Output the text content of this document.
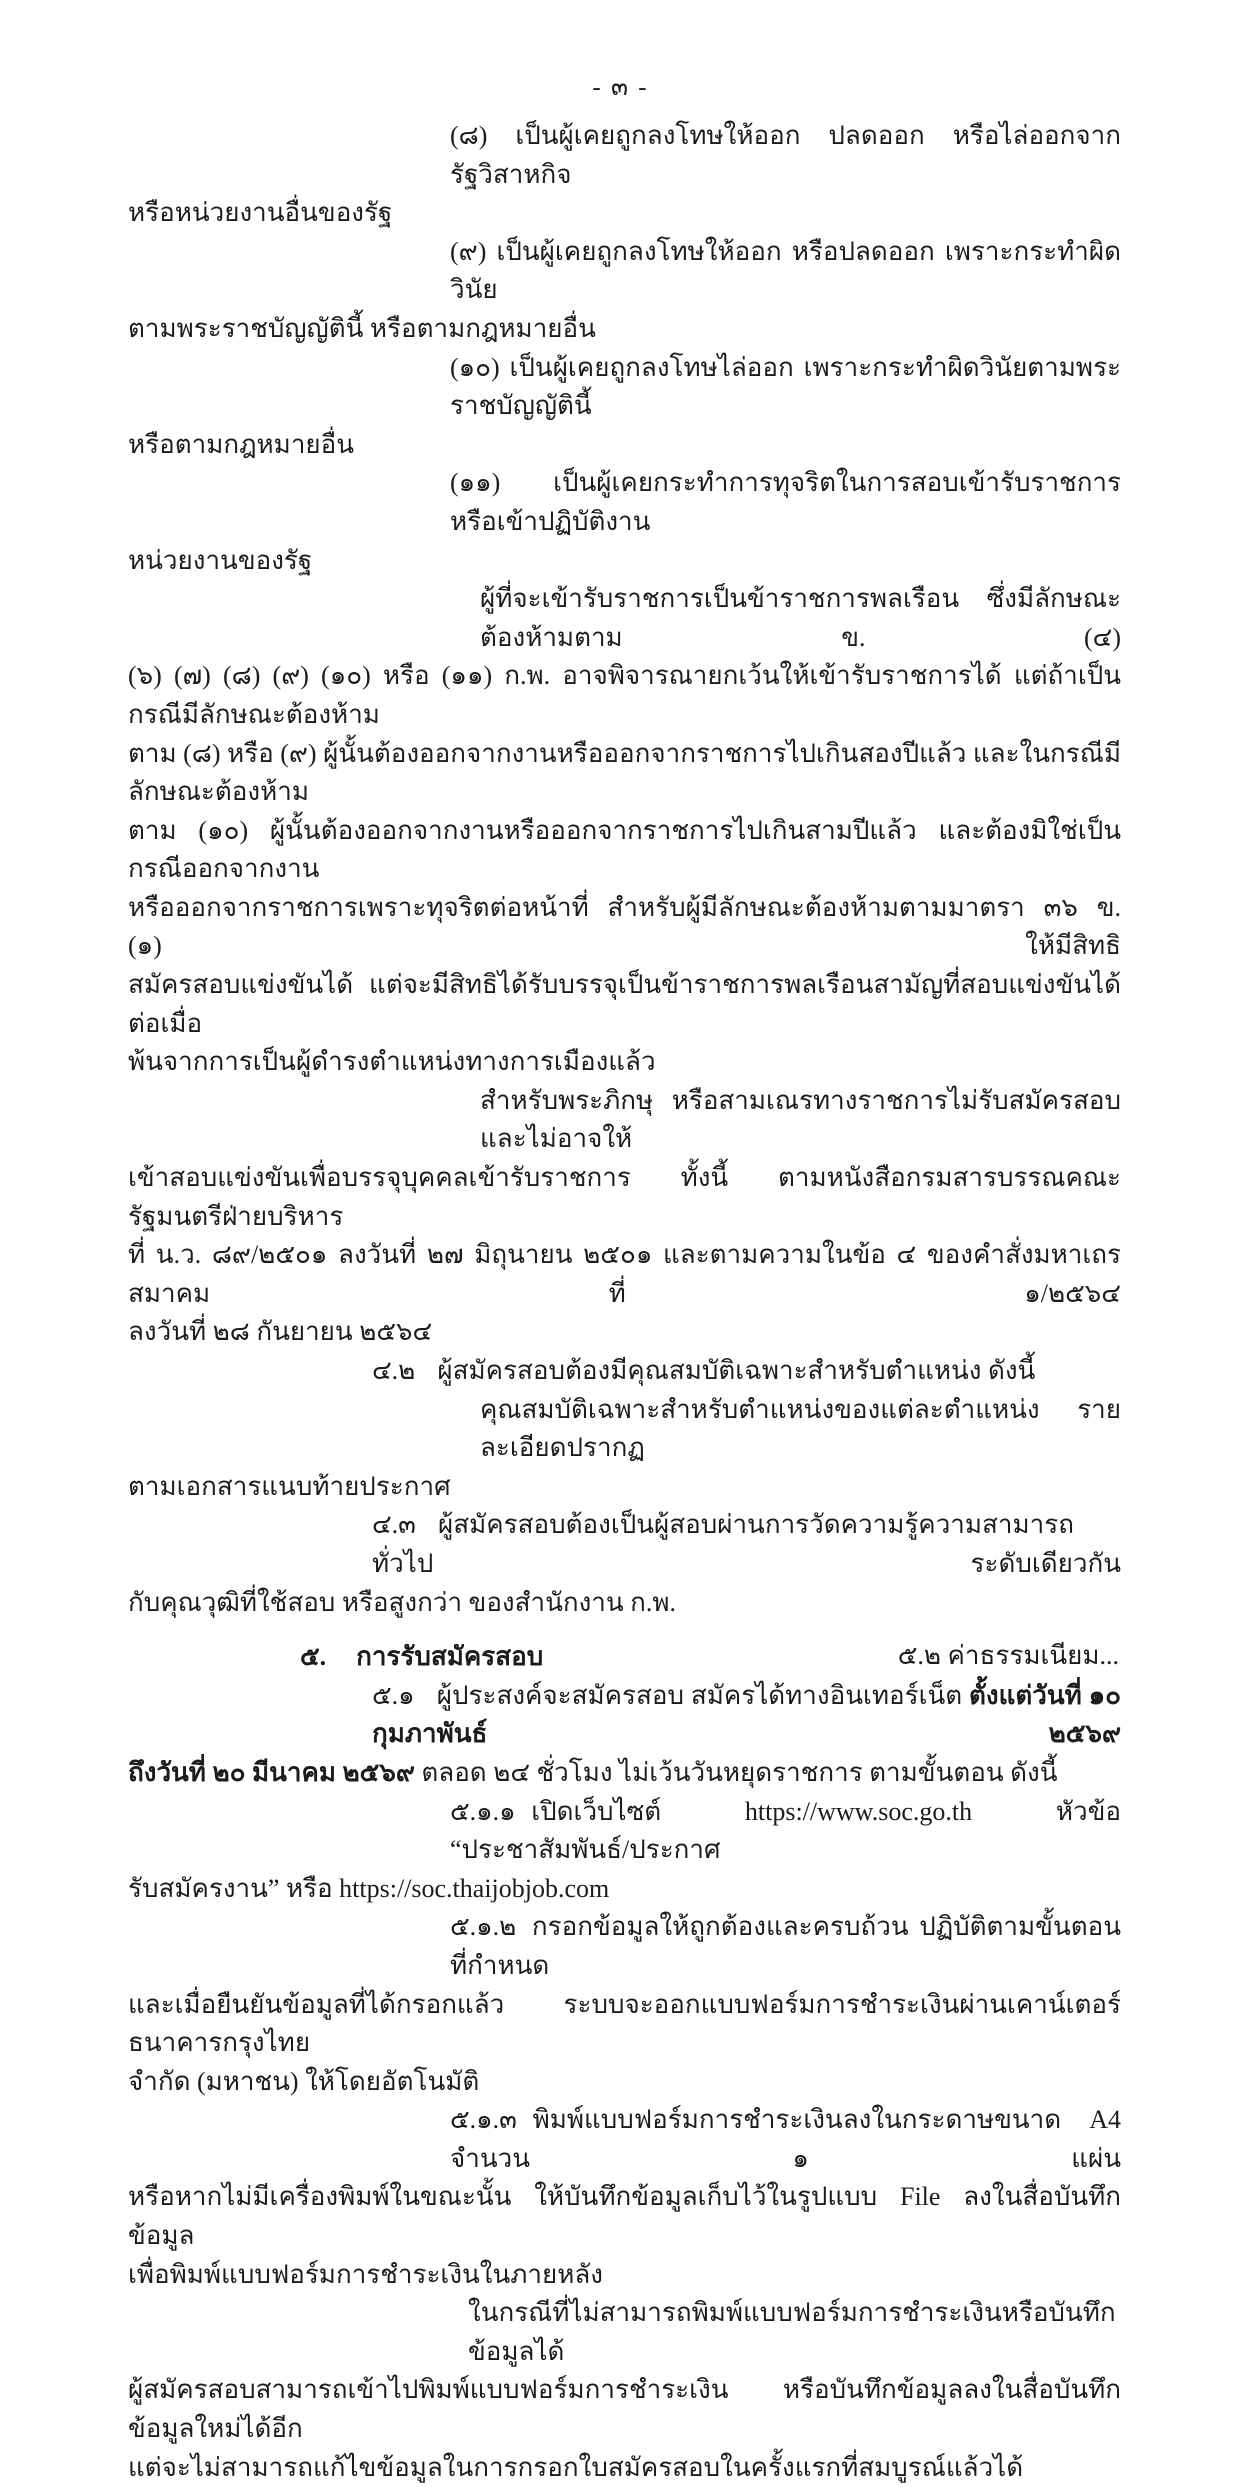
- ๓ -
(๘) เป็นผู้เคยถูกลงโทษให้ออก ปลดออก หรือไล่ออกจากรัฐวิสาหกิจ
หรือหน่วยงานอื่นของรัฐ
(๙) เป็นผู้เคยถูกลงโทษให้ออก หรือปลดออก เพราะกระทำผิดวินัย
ตามพระราชบัญญัตินี้ หรือตามกฎหมายอื่น
(๑๐) เป็นผู้เคยถูกลงโทษไล่ออก เพราะกระทำผิดวินัยตามพระราชบัญญัตินี้
หรือตามกฎหมายอื่น
(๑๑) เป็นผู้เคยกระทำการทุจริตในการสอบเข้ารับราชการ หรือเข้าปฏิบัติงาน
หน่วยงานของรัฐ
ผู้ที่จะเข้ารับราชการเป็นข้าราชการพลเรือน ซึ่งมีลักษณะต้องห้ามตาม ข. (๔)
(๖) (๗) (๘) (๙) (๑๐) หรือ (๑๑) ก.พ. อาจพิจารณายกเว้นให้เข้ารับราชการได้ แต่ถ้าเป็นกรณีมีลักษณะต้องห้าม
ตาม (๘) หรือ (๙) ผู้นั้นต้องออกจากงานหรือออกจากราชการไปเกินสองปีแล้ว และในกรณีมีลักษณะต้องห้าม
ตาม (๑๐) ผู้นั้นต้องออกจากงานหรือออกจากราชการไปเกินสามปีแล้ว และต้องมิใช่เป็นกรณีออกจากงาน
หรือออกจากราชการเพราะทุจริตต่อหน้าที่ สำหรับผู้มีลักษณะต้องห้ามตามมาตรา ๓๖ ข. (๑) ให้มีสิทธิ
สมัครสอบแข่งขันได้ แต่จะมีสิทธิได้รับบรรจุเป็นข้าราชการพลเรือนสามัญที่สอบแข่งขันได้ต่อเมื่อ
พ้นจากการเป็นผู้ดำรงตำแหน่งทางการเมืองแล้ว
สำหรับพระภิกษุ หรือสามเณรทางราชการไม่รับสมัครสอบ และไม่อาจให้
เข้าสอบแข่งขันเพื่อบรรจุบุคคลเข้ารับราชการ ทั้งนี้ ตามหนังสือกรมสารบรรณคณะรัฐมนตรีฝ่ายบริหาร
ที่ น.ว. ๘๙/๒๕๐๑ ลงวันที่ ๒๗ มิถุนายน ๒๕๐๑ และตามความในข้อ ๔ ของคำสั่งมหาเถรสมาคม ที่ ๑/๒๕๖๔
ลงวันที่ ๒๘ กันยายน ๒๕๖๔
๔.๒ ผู้สมัครสอบต้องมีคุณสมบัติเฉพาะสำหรับตำแหน่ง ดังนี้
คุณสมบัติเฉพาะสำหรับตำแหน่งของแต่ละตำแหน่ง รายละเอียดปรากฏ
ตามเอกสารแนบท้ายประกาศ
๔.๓ ผู้สมัครสอบต้องเป็นผู้สอบผ่านการวัดความรู้ความสามารถทั่วไป ระดับเดียวกัน
กับคุณวุฒิที่ใช้สอบ หรือสูงกว่า ของสำนักงาน ก.พ.
๕. การรับสมัครสอบ
๕.๑ ผู้ประสงค์จะสมัครสอบ สมัครได้ทางอินเทอร์เน็ต ตั้งแต่วันที่ ๑๐ กุมภาพันธ์ ๒๕๖๙
ถึงวันที่ ๒๐ มีนาคม ๒๕๖๙ ตลอด ๒๔ ชั่วโมง ไม่เว้นวันหยุดราชการ ตามขั้นตอน ดังนี้
๕.๑.๑ เปิดเว็บไซต์ https://www.soc.go.th หัวข้อ “ประชาสัมพันธ์/ประกาศ
รับสมัครงาน” หรือ https://soc.thaijobjob.com
๕.๑.๒ กรอกข้อมูลให้ถูกต้องและครบถ้วน ปฏิบัติตามขั้นตอนที่กำหนด
และเมื่อยืนยันข้อมูลที่ได้กรอกแล้ว ระบบจะออกแบบฟอร์มการชำระเงินผ่านเคาน์เตอร์ ธนาคารกรุงไทย
จำกัด (มหาชน) ให้โดยอัตโนมัติ
๕.๑.๓ พิมพ์แบบฟอร์มการชำระเงินลงในกระดาษขนาด A4 จำนวน ๑ แผ่น
หรือหากไม่มีเครื่องพิมพ์ในขณะนั้น ให้บันทึกข้อมูลเก็บไว้ในรูปแบบ File ลงในสื่อบันทึกข้อมูล
เพื่อพิมพ์แบบฟอร์มการชำระเงินในภายหลัง
ในกรณีที่ไม่สามารถพิมพ์แบบฟอร์มการชำระเงินหรือบันทึกข้อมูลได้
ผู้สมัครสอบสามารถเข้าไปพิมพ์แบบฟอร์มการชำระเงิน หรือบันทึกข้อมูลลงในสื่อบันทึกข้อมูลใหม่ได้อีก
แต่จะไม่สามารถแก้ไขข้อมูลในการกรอกใบสมัครสอบในครั้งแรกที่สมบูรณ์แล้วได้
๕.๒ ค่าธรรมเนียม...
